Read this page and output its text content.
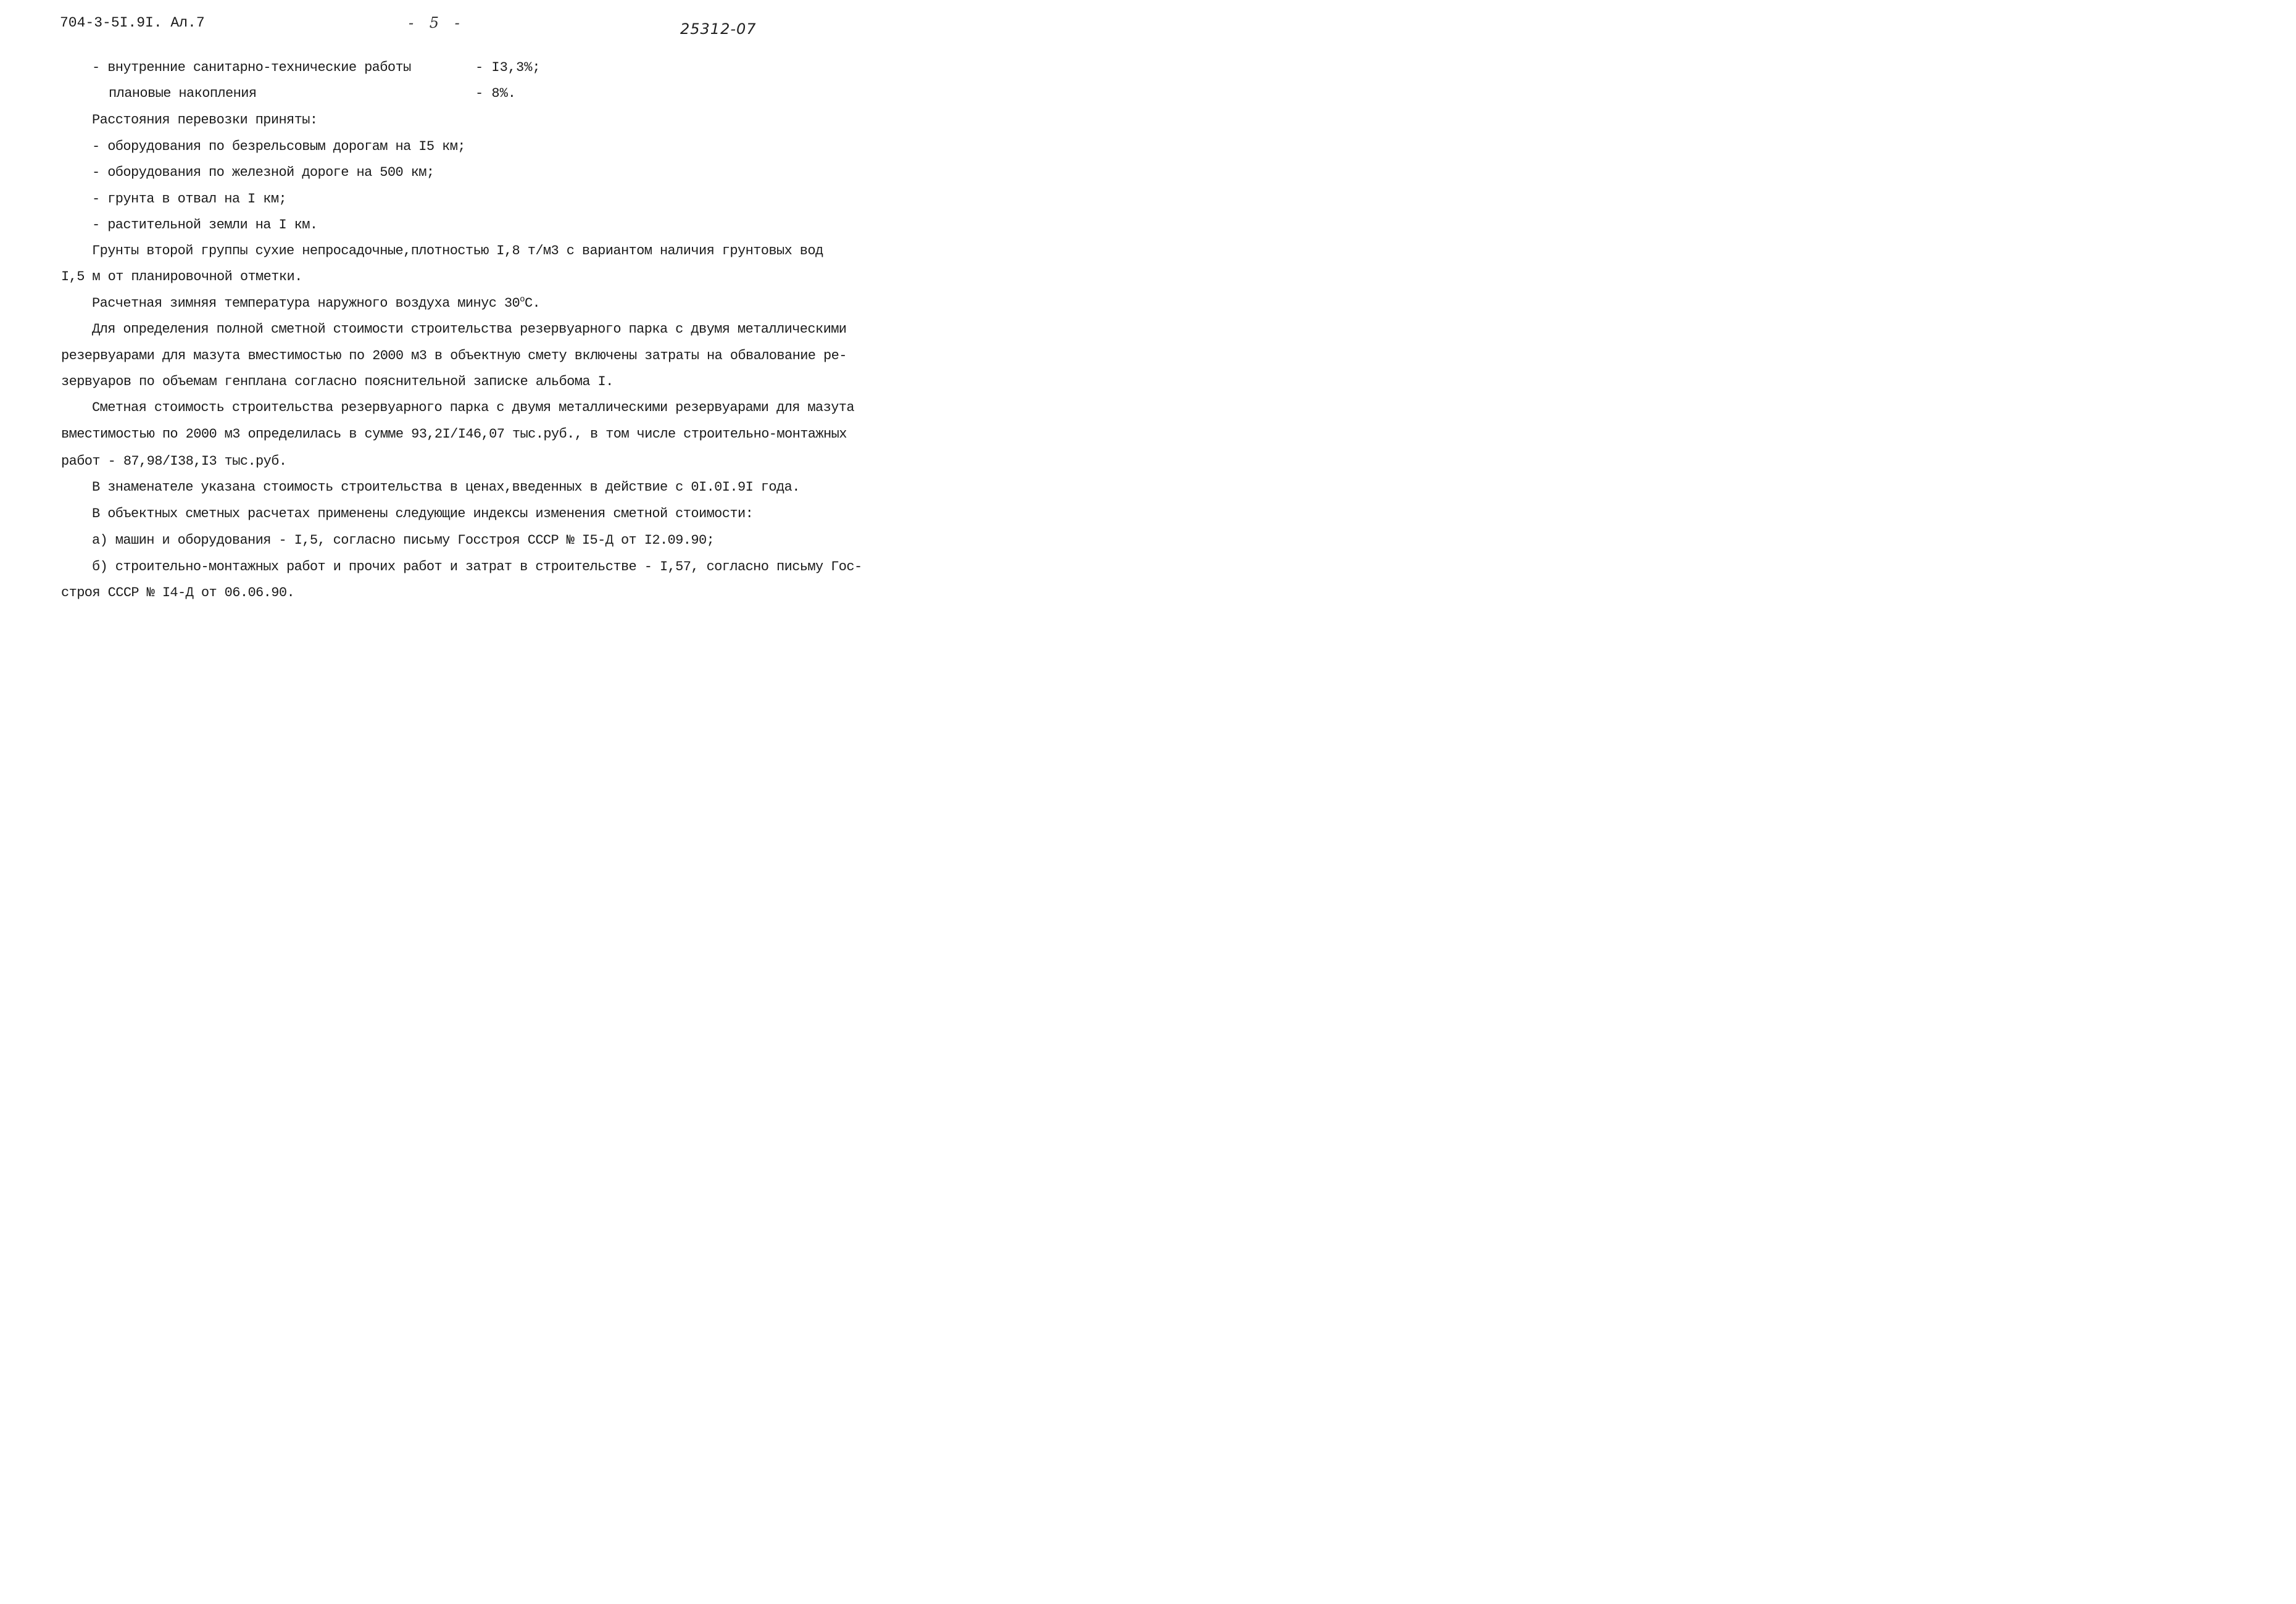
704-3-5I.9I. Ал.7	- 5 -	25312-07
- внутренние санитарно-технические работы	- I3,3%;
плановые накопления	- 8%.
Расстояния перевозки приняты:
- оборудования по безрельсовым дорогам на I5 км;
- оборудования по железной дороге на 500 км;
- грунта в отвал на I км;
- растительной земли на I км.
Грунты второй группы сухие непросадочные,плотностью I,8 т/м3 с вариантом наличия грунтовых вод
I,5 м от планировочной отметки.
Расчетная зимняя температура наружного воздуха минус $30^оС$.
Для определения полной сметной стоимости строительства резервуарного парка с двумя металлическими
резервуарами для мазута вместимостью по 2000 м3 в объектную смету включены затраты на обвалование ре-
зервуаров по объемам генплана согласно пояснительной записке альбома I.
Сметная стоимость строительства резервуарного парка с двумя металлическими резервуарами для мазута
вместимостью по 2000 м3 определилась в сумме 93,2I/I46,07 тыс.руб., в том числе строительно-монтажных
работ - 87,98/I38,I3 тыс.руб.
В знаменателе указана стоимость строительства в ценах,введенных в действие с 0I.0I.9I года.
В объектных сметных расчетах применены следующие индексы изменения сметной стоимости:
а) машин и оборудования - I,5, согласно письму Госстроя СССР № I5-Д от I2.09.90;
б) строительно-монтажных работ и прочих работ и затрат в строительстве - I,57, согласно письму Гос-
строя СССР № I4-Д от 06.06.90.
